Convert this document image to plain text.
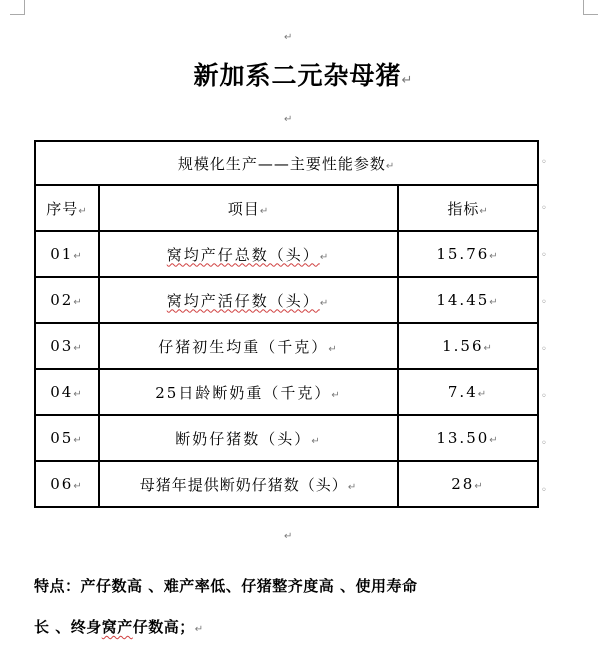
↵
新加系二元杂母猪↵
↵
规模化生产——主要性能参数↵		
序号↵	项目↵	指标↵
01↵	窝均产仔总数（头）↵	15.76↵
02↵	窝均产活仔数（头）↵	14.45↵
03↵	仔猪初生均重（千克）↵	1.56↵
04↵	25日龄断奶重（千克）↵	7.4↵
05↵	断奶仔猪数（头）↵	13.50↵
06↵	母猪年提供断奶仔猪数（头）↵	28↵
◦
◦
◦
◦
◦
◦
◦
◦
↵
特点：产仔数高 、难产率低、仔猪整齐度高 、使用寿命
长 、终身窝产仔数高；↵
